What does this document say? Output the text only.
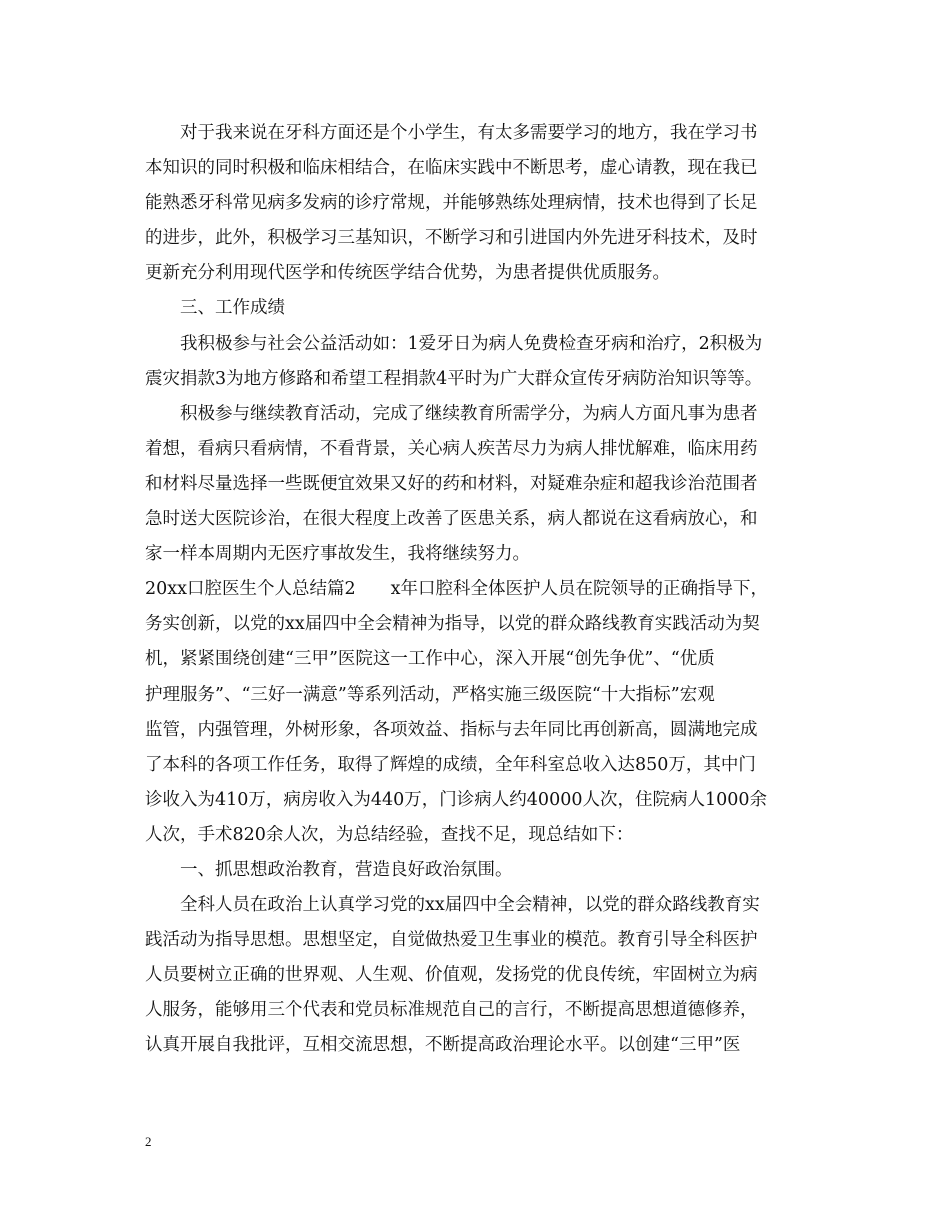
对于我来说在牙科方面还是个小学生，有太多需要学习的地方，我在学习书
本知识的同时积极和临床相结合，在临床实践中不断思考，虚心请教，现在我已
能熟悉牙科常见病多发病的诊疗常规，并能够熟练处理病情，技术也得到了长足
的进步，此外，积极学习三基知识，不断学习和引进国内外先进牙科技术，及时
更新充分利用现代医学和传统医学结合优势，为患者提供优质服务。
三、工作成绩
我积极参与社会公益活动如：1爱牙日为病人免费检查牙病和治疗，2积极为
震灾捐款3为地方修路和希望工程捐款4平时为广大群众宣传牙病防治知识等等。
积极参与继续教育活动，完成了继续教育所需学分，为病人方面凡事为患者
着想，看病只看病情，不看背景，关心病人疾苦尽力为病人排忧解难，临床用药
和材料尽量选择一些既便宜效果又好的药和材料，对疑难杂症和超我诊治范围者
急时送大医院诊治，在很大程度上改善了医患关系，病人都说在这看病放心，和
家一样本周期内无医疗事故发生，我将继续努力。
20xx口腔医生个人总结篇2　　x年口腔科全体医护人员在院领导的正确指导下，
务实创新，以党的xx届四中全会精神为指导，以党的群众路线教育实践活动为契
机，紧紧围绕创建“三甲”医院这一工作中心，深入开展“创先争优”、“优质
护理服务”、“三好一满意”等系列活动，严格实施三级医院“十大指标”宏观
监管，内强管理，外树形象，各项效益、指标与去年同比再创新高，圆满地完成
了本科的各项工作任务，取得了辉煌的成绩，全年科室总收入达850万，其中门
诊收入为410万，病房收入为440万，门诊病人约40000人次，住院病人1000余
人次，手术820余人次，为总结经验，查找不足，现总结如下：
一、抓思想政治教育，营造良好政治氛围。
全科人员在政治上认真学习党的xx届四中全会精神，以党的群众路线教育实
践活动为指导思想。思想坚定，自觉做热爱卫生事业的模范。教育引导全科医护
人员要树立正确的世界观、人生观、价值观，发扬党的优良传统，牢固树立为病
人服务，能够用三个代表和党员标准规范自己的言行，不断提高思想道德修养，
认真开展自我批评，互相交流思想，不断提高政治理论水平。以创建“三甲”医
2
